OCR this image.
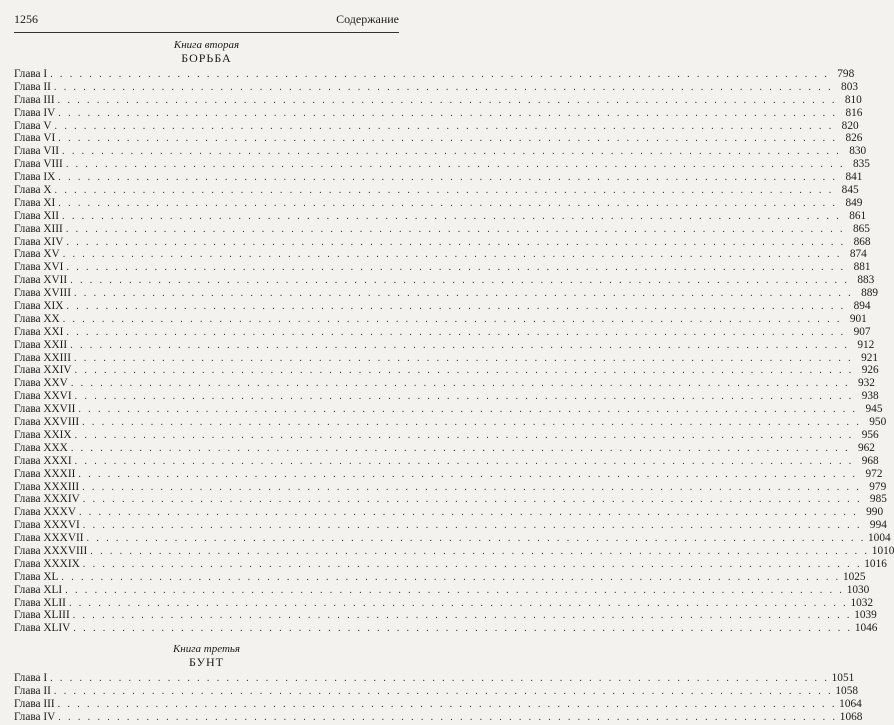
1256	Содержание
Книга вторая
БОРЬБА
Глава I . . . . . . . . . . . . . . . . . . . . . . . . . . . . . . . . . . . . . . . . . . . . . . . . . . . . . . . . . . . . . . . . . . . . . . . . . . . . . . . . 798
Глава II . . . . . . . . . . . . . . . . . . . . . . . . . . . . . . . . . . . . . . . . . . . . . . . . . . . . . . . . . . . . . . . . . . . . . . . . . . . . . . . . 803
Глава III . . . . . . . . . . . . . . . . . . . . . . . . . . . . . . . . . . . . . . . . . . . . . . . . . . . . . . . . . . . . . . . . . . . . . . . . . . . . . . . . 810
Глава IV . . . . . . . . . . . . . . . . . . . . . . . . . . . . . . . . . . . . . . . . . . . . . . . . . . . . . . . . . . . . . . . . . . . . . . . . . . . . . . . . 816
Глава V . . . . . . . . . . . . . . . . . . . . . . . . . . . . . . . . . . . . . . . . . . . . . . . . . . . . . . . . . . . . . . . . . . . . . . . . . . . . . . . . 820
Глава VI . . . . . . . . . . . . . . . . . . . . . . . . . . . . . . . . . . . . . . . . . . . . . . . . . . . . . . . . . . . . . . . . . . . . . . . . . . . . . . . . 826
Глава VII . . . . . . . . . . . . . . . . . . . . . . . . . . . . . . . . . . . . . . . . . . . . . . . . . . . . . . . . . . . . . . . . . . . . . . . . . . . . . . . . 830
Глава VIII . . . . . . . . . . . . . . . . . . . . . . . . . . . . . . . . . . . . . . . . . . . . . . . . . . . . . . . . . . . . . . . . . . . . . . . . . . . . . . . . 835
Глава IX . . . . . . . . . . . . . . . . . . . . . . . . . . . . . . . . . . . . . . . . . . . . . . . . . . . . . . . . . . . . . . . . . . . . . . . . . . . . . . . . 841
Глава X . . . . . . . . . . . . . . . . . . . . . . . . . . . . . . . . . . . . . . . . . . . . . . . . . . . . . . . . . . . . . . . . . . . . . . . . . . . . . . . . 845
Глава XI . . . . . . . . . . . . . . . . . . . . . . . . . . . . . . . . . . . . . . . . . . . . . . . . . . . . . . . . . . . . . . . . . . . . . . . . . . . . . . . . 849
Глава XII . . . . . . . . . . . . . . . . . . . . . . . . . . . . . . . . . . . . . . . . . . . . . . . . . . . . . . . . . . . . . . . . . . . . . . . . . . . . . . . . 861
Глава XIII . . . . . . . . . . . . . . . . . . . . . . . . . . . . . . . . . . . . . . . . . . . . . . . . . . . . . . . . . . . . . . . . . . . . . . . . . . . . . . . . 865
Глава XIV . . . . . . . . . . . . . . . . . . . . . . . . . . . . . . . . . . . . . . . . . . . . . . . . . . . . . . . . . . . . . . . . . . . . . . . . . . . . . . . . 868
Глава XV . . . . . . . . . . . . . . . . . . . . . . . . . . . . . . . . . . . . . . . . . . . . . . . . . . . . . . . . . . . . . . . . . . . . . . . . . . . . . . . . 874
Глава XVI . . . . . . . . . . . . . . . . . . . . . . . . . . . . . . . . . . . . . . . . . . . . . . . . . . . . . . . . . . . . . . . . . . . . . . . . . . . . . . . . 881
Глава XVII . . . . . . . . . . . . . . . . . . . . . . . . . . . . . . . . . . . . . . . . . . . . . . . . . . . . . . . . . . . . . . . . . . . . . . . . . . . . . . . . 883
Глава XVIII . . . . . . . . . . . . . . . . . . . . . . . . . . . . . . . . . . . . . . . . . . . . . . . . . . . . . . . . . . . . . . . . . . . . . . . . . . . . . . . . 889
Глава XIX . . . . . . . . . . . . . . . . . . . . . . . . . . . . . . . . . . . . . . . . . . . . . . . . . . . . . . . . . . . . . . . . . . . . . . . . . . . . . . . . 894
Глава XX . . . . . . . . . . . . . . . . . . . . . . . . . . . . . . . . . . . . . . . . . . . . . . . . . . . . . . . . . . . . . . . . . . . . . . . . . . . . . . . . 901
Глава XXI . . . . . . . . . . . . . . . . . . . . . . . . . . . . . . . . . . . . . . . . . . . . . . . . . . . . . . . . . . . . . . . . . . . . . . . . . . . . . . . . 907
Глава XXII . . . . . . . . . . . . . . . . . . . . . . . . . . . . . . . . . . . . . . . . . . . . . . . . . . . . . . . . . . . . . . . . . . . . . . . . . . . . . . . . 912
Глава XXIII . . . . . . . . . . . . . . . . . . . . . . . . . . . . . . . . . . . . . . . . . . . . . . . . . . . . . . . . . . . . . . . . . . . . . . . . . . . . . . . . 921
Глава XXIV . . . . . . . . . . . . . . . . . . . . . . . . . . . . . . . . . . . . . . . . . . . . . . . . . . . . . . . . . . . . . . . . . . . . . . . . . . . . . . . . 926
Глава XXV . . . . . . . . . . . . . . . . . . . . . . . . . . . . . . . . . . . . . . . . . . . . . . . . . . . . . . . . . . . . . . . . . . . . . . . . . . . . . . . . 932
Глава XXVI . . . . . . . . . . . . . . . . . . . . . . . . . . . . . . . . . . . . . . . . . . . . . . . . . . . . . . . . . . . . . . . . . . . . . . . . . . . . . . . . 938
Глава XXVII . . . . . . . . . . . . . . . . . . . . . . . . . . . . . . . . . . . . . . . . . . . . . . . . . . . . . . . . . . . . . . . . . . . . . . . . . . . . . . . . 945
Глава XXVIII . . . . . . . . . . . . . . . . . . . . . . . . . . . . . . . . . . . . . . . . . . . . . . . . . . . . . . . . . . . . . . . . . . . . . . . . . . . . . . . . 950
Глава XXIX . . . . . . . . . . . . . . . . . . . . . . . . . . . . . . . . . . . . . . . . . . . . . . . . . . . . . . . . . . . . . . . . . . . . . . . . . . . . . . . . 956
Глава XXX . . . . . . . . . . . . . . . . . . . . . . . . . . . . . . . . . . . . . . . . . . . . . . . . . . . . . . . . . . . . . . . . . . . . . . . . . . . . . . . . 962
Глава XXXI . . . . . . . . . . . . . . . . . . . . . . . . . . . . . . . . . . . . . . . . . . . . . . . . . . . . . . . . . . . . . . . . . . . . . . . . . . . . . . . . 968
Глава XXXII . . . . . . . . . . . . . . . . . . . . . . . . . . . . . . . . . . . . . . . . . . . . . . . . . . . . . . . . . . . . . . . . . . . . . . . . . . . . . . . . 972
Глава XXXIII . . . . . . . . . . . . . . . . . . . . . . . . . . . . . . . . . . . . . . . . . . . . . . . . . . . . . . . . . . . . . . . . . . . . . . . . . . . . . . . . 979
Глава XXXIV . . . . . . . . . . . . . . . . . . . . . . . . . . . . . . . . . . . . . . . . . . . . . . . . . . . . . . . . . . . . . . . . . . . . . . . . . . . . . . . . 985
Глава XXXV . . . . . . . . . . . . . . . . . . . . . . . . . . . . . . . . . . . . . . . . . . . . . . . . . . . . . . . . . . . . . . . . . . . . . . . . . . . . . . . . 990
Глава XXXVI . . . . . . . . . . . . . . . . . . . . . . . . . . . . . . . . . . . . . . . . . . . . . . . . . . . . . . . . . . . . . . . . . . . . . . . . . . . . . . . . 994
Глава XXXVII . . . . . . . . . . . . . . . . . . . . . . . . . . . . . . . . . . . . . . . . . . . . . . . . . . . . . . . . . . . . . . . . . . . . . . . . . . . . . . . . 1004
Глава XXXVIII . . . . . . . . . . . . . . . . . . . . . . . . . . . . . . . . . . . . . . . . . . . . . . . . . . . . . . . . . . . . . . . . . . . . . . . . . . . . . . . . 1010
Глава XXXIX . . . . . . . . . . . . . . . . . . . . . . . . . . . . . . . . . . . . . . . . . . . . . . . . . . . . . . . . . . . . . . . . . . . . . . . . . . . . . . . . 1016
Глава XL . . . . . . . . . . . . . . . . . . . . . . . . . . . . . . . . . . . . . . . . . . . . . . . . . . . . . . . . . . . . . . . . . . . . . . . . . . . . . . . . 1025
Глава XLI . . . . . . . . . . . . . . . . . . . . . . . . . . . . . . . . . . . . . . . . . . . . . . . . . . . . . . . . . . . . . . . . . . . . . . . . . . . . . . . . 1030
Глава XLII . . . . . . . . . . . . . . . . . . . . . . . . . . . . . . . . . . . . . . . . . . . . . . . . . . . . . . . . . . . . . . . . . . . . . . . . . . . . . . . . 1032
Глава XLIII . . . . . . . . . . . . . . . . . . . . . . . . . . . . . . . . . . . . . . . . . . . . . . . . . . . . . . . . . . . . . . . . . . . . . . . . . . . . . . . . 1039
Глава XLIV . . . . . . . . . . . . . . . . . . . . . . . . . . . . . . . . . . . . . . . . . . . . . . . . . . . . . . . . . . . . . . . . . . . . . . . . . . . . . . . . 1046
Книга третья
БУНТ
Глава I . . . . . . . . . . . . . . . . . . . . . . . . . . . . . . . . . . . . . . . . . . . . . . . . . . . . . . . . . . . . . . . . . . . . . . . . . . . . . . . . 1051
Глава II . . . . . . . . . . . . . . . . . . . . . . . . . . . . . . . . . . . . . . . . . . . . . . . . . . . . . . . . . . . . . . . . . . . . . . . . . . . . . . . . 1058
Глава III . . . . . . . . . . . . . . . . . . . . . . . . . . . . . . . . . . . . . . . . . . . . . . . . . . . . . . . . . . . . . . . . . . . . . . . . . . . . . . . . 1064
Глава IV . . . . . . . . . . . . . . . . . . . . . . . . . . . . . . . . . . . . . . . . . . . . . . . . . . . . . . . . . . . . . . . . . . . . . . . . . . . . . . . . 1068
